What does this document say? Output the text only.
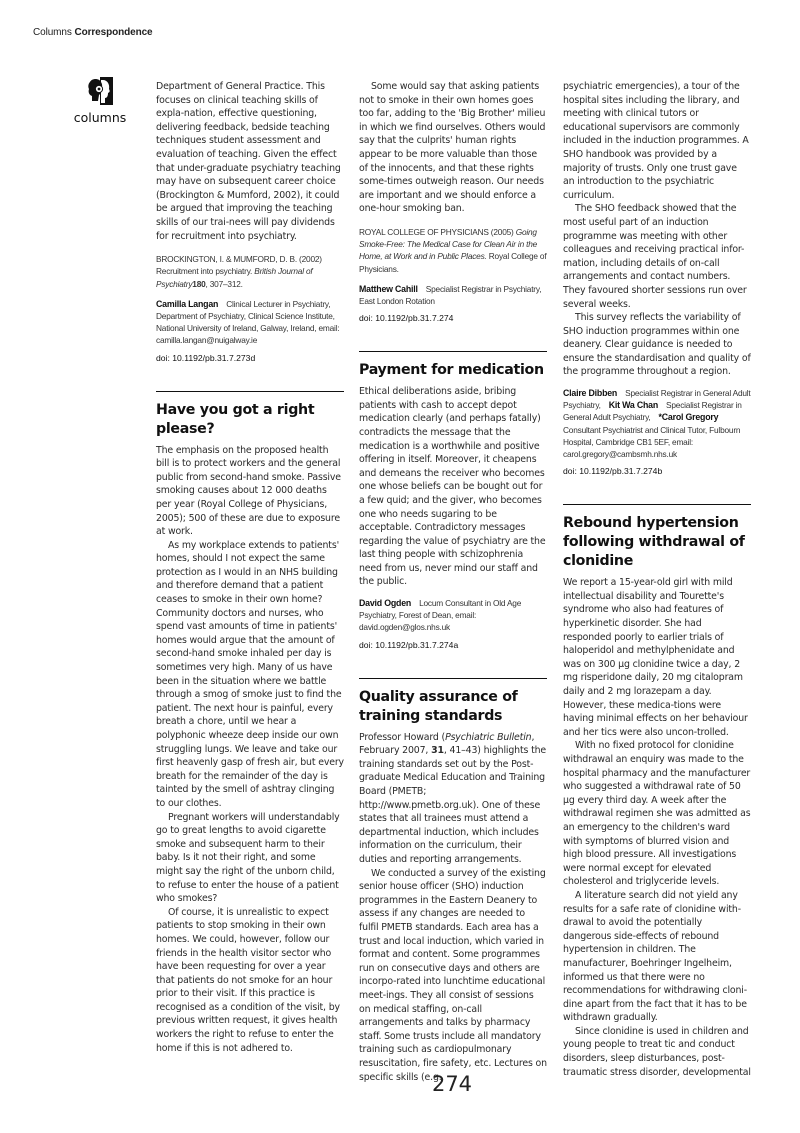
Columns Correspondence
columns

Department of General Practice. This focuses on clinical teaching skills of expla-nation, effective questioning, delivering feedback, bedside teaching techniques student assessment and evaluation of teaching. Given the effect that under-graduate psychiatry teaching may have on subsequent career choice (Brockington & Mumford, 2002), it could be argued that improving the teaching skills of our trai-nees will pay dividends for recruitment into psychiatry.

BROCKINGTON, I. & MUMFORD, D. B. (2002) Recruitment into psychiatry. British Journal of Psychiatry180, 307–312.

Camilla Langan Clinical Lecturer in Psychiatry, Department of Psychiatry, Clinical Science Institute, National University of Ireland, Galway, Ireland, email: camilla.langan@nuigalway.ie

doi: 10.1192/pb.31.7.273d

Have you got a right please?

The emphasis on the proposed health bill is to protect workers and the general public from second-hand smoke. Passive smoking causes about 12 000 deaths per year (Royal College of Physicians, 2005); 500 of these are due to exposure at work.

As my workplace extends to patients' homes, should I not expect the same protection as I would in an NHS building and therefore demand that a patient ceases to smoke in their own home? Community doctors and nurses, who spend vast amounts of time in patients' homes would argue that the amount of second-hand smoke inhaled per day is sometimes very high. Many of us have been in the situation where we battle through a smog of smoke just to find the patient. The next hour is painful, every breath a chore, until we hear a polyphonic wheeze deep inside our own struggling lungs. We leave and take our first heavenly gasp of fresh air, but every breath for the remainder of the day is tainted by the smell of ashtray clinging to our clothes.

Pregnant workers will understandably go to great lengths to avoid cigarette smoke and subsequent harm to their baby. Is it not their right, and some might say the right of the unborn child, to refuse to enter the house of a patient who smokes?

Of course, it is unrealistic to expect patients to stop smoking in their own homes. We could, however, follow our friends in the health visitor sector who have been requesting for over a year that patients do not smoke for an hour prior to their visit. If this practice is recognised as a condition of the visit, by previous written request, it gives health workers the right to refuse to enter the home if this is not adhered to.

Some would say that asking patients not to smoke in their own homes goes too far, adding to the 'Big Brother' milieu in which we find ourselves. Others would say that the culprits' human rights appear to be more valuable than those of the innocents, and that these rights some-times outweigh reason. Our needs are important and we should enforce a one-hour smoking ban.

ROYAL COLLEGE OF PHYSICIANS (2005) Going Smoke-Free: The Medical Case for Clean Air in the Home, at Work and in Public Places. Royal College of Physicians.

Matthew Cahill Specialist Registrar in Psychiatry, East London Rotation

doi: 10.1192/pb.31.7.274

Payment for medication

Ethical deliberations aside, bribing patients with cash to accept depot medication clearly (and perhaps fatally) contradicts the message that the medication is a worthwhile and positive offering in itself. Moreover, it cheapens and demeans the receiver who becomes one whose beliefs can be bought out for a few quid; and the giver, who becomes one who needs sugaring to be acceptable. Contradictory messages regarding the value of psychiatry are the last thing people with schizophrenia need from us, never mind our staff and the public.

David Ogden Locum Consultant in Old Age Psychiatry, Forest of Dean, email: david.ogden@glos.nhs.uk

doi: 10.1192/pb.31.7.274a

Quality assurance of training standards

Professor Howard (Psychiatric Bulletin, February 2007, 31, 41–43) highlights the training standards set out by the Post-graduate Medical Education and Training Board (PMETB; http://www.pmetb.org.uk). One of these states that all trainees must attend a departmental induction, which includes information on the curriculum, their duties and reporting arrangements.

We conducted a survey of the existing senior house officer (SHO) induction programmes in the Eastern Deanery to assess if any changes are needed to fulfil PMETB standards. Each area has a trust and local induction, which varied in format and content. Some programmes run on consecutive days and others are incorpo-rated into lunchtime educational meet-ings. They all consist of sessions on medical staffing, on-call arrangements and talks by pharmacy staff. Some trusts include all mandatory training such as cardiopulmonary resuscitation, fire safety, etc. Lectures on specific skills (e.g.

psychiatric emergencies), a tour of the hospital sites including the library, and meeting with clinical tutors or educational supervisors are commonly included in the induction programmes. A SHO handbook was provided by a majority of trusts. Only one trust gave an introduction to the psychiatric curriculum.

The SHO feedback showed that the most useful part of an induction programme was meeting with other colleagues and receiving practical infor-mation, including details of on-call arrangements and contact numbers. They favoured shorter sessions run over several weeks.

This survey reflects the variability of SHO induction programmes within one deanery. Clear guidance is needed to ensure the standardisation and quality of the programme throughout a region.

Claire Dibben Specialist Registrar in General Adult Psychiatry, Kit Wa Chan Specialist Registrar in General Adult Psychiatry, *Carol Gregory Consultant Psychiatrist and Clinical Tutor, Fulbourn Hospital, Cambridge CB1 5EF, email: carol.gregory@cambsmh.nhs.uk

doi: 10.1192/pb.31.7.274b

Rebound hypertension following withdrawal of clonidine

We report a 15-year-old girl with mild intellectual disability and Tourette's syndrome who also had features of hyperkinetic disorder. She had responded poorly to earlier trials of haloperidol and methylphenidate and was on 300 μg clonidine twice a day, 2 mg risperidone daily, 20 mg citalopram daily and 2 mg lorazepam a day. However, these medica-tions were having minimal effects on her behaviour and her tics were also uncon-trolled.

With no fixed protocol for clonidine withdrawal an enquiry was made to the hospital pharmacy and the manufacturer who suggested a withdrawal rate of 50 μg every third day. A week after the withdrawal regimen she was admitted as an emergency to the children's ward with symptoms of blurred vision and high blood pressure. All investigations were normal except for elevated cholesterol and triglyceride levels.

A literature search did not yield any results for a safe rate of clonidine with-drawal to avoid the potentially dangerous side-effects of rebound hypertension in children. The manufacturer, Boehringer Ingelheim, informed us that there were no recommendations for withdrawing cloni-dine apart from the fact that it has to be withdrawn gradually.

Since clonidine is used in children and young people to treat tic and conduct disorders, sleep disturbances, post-traumatic stress disorder, developmental

274
